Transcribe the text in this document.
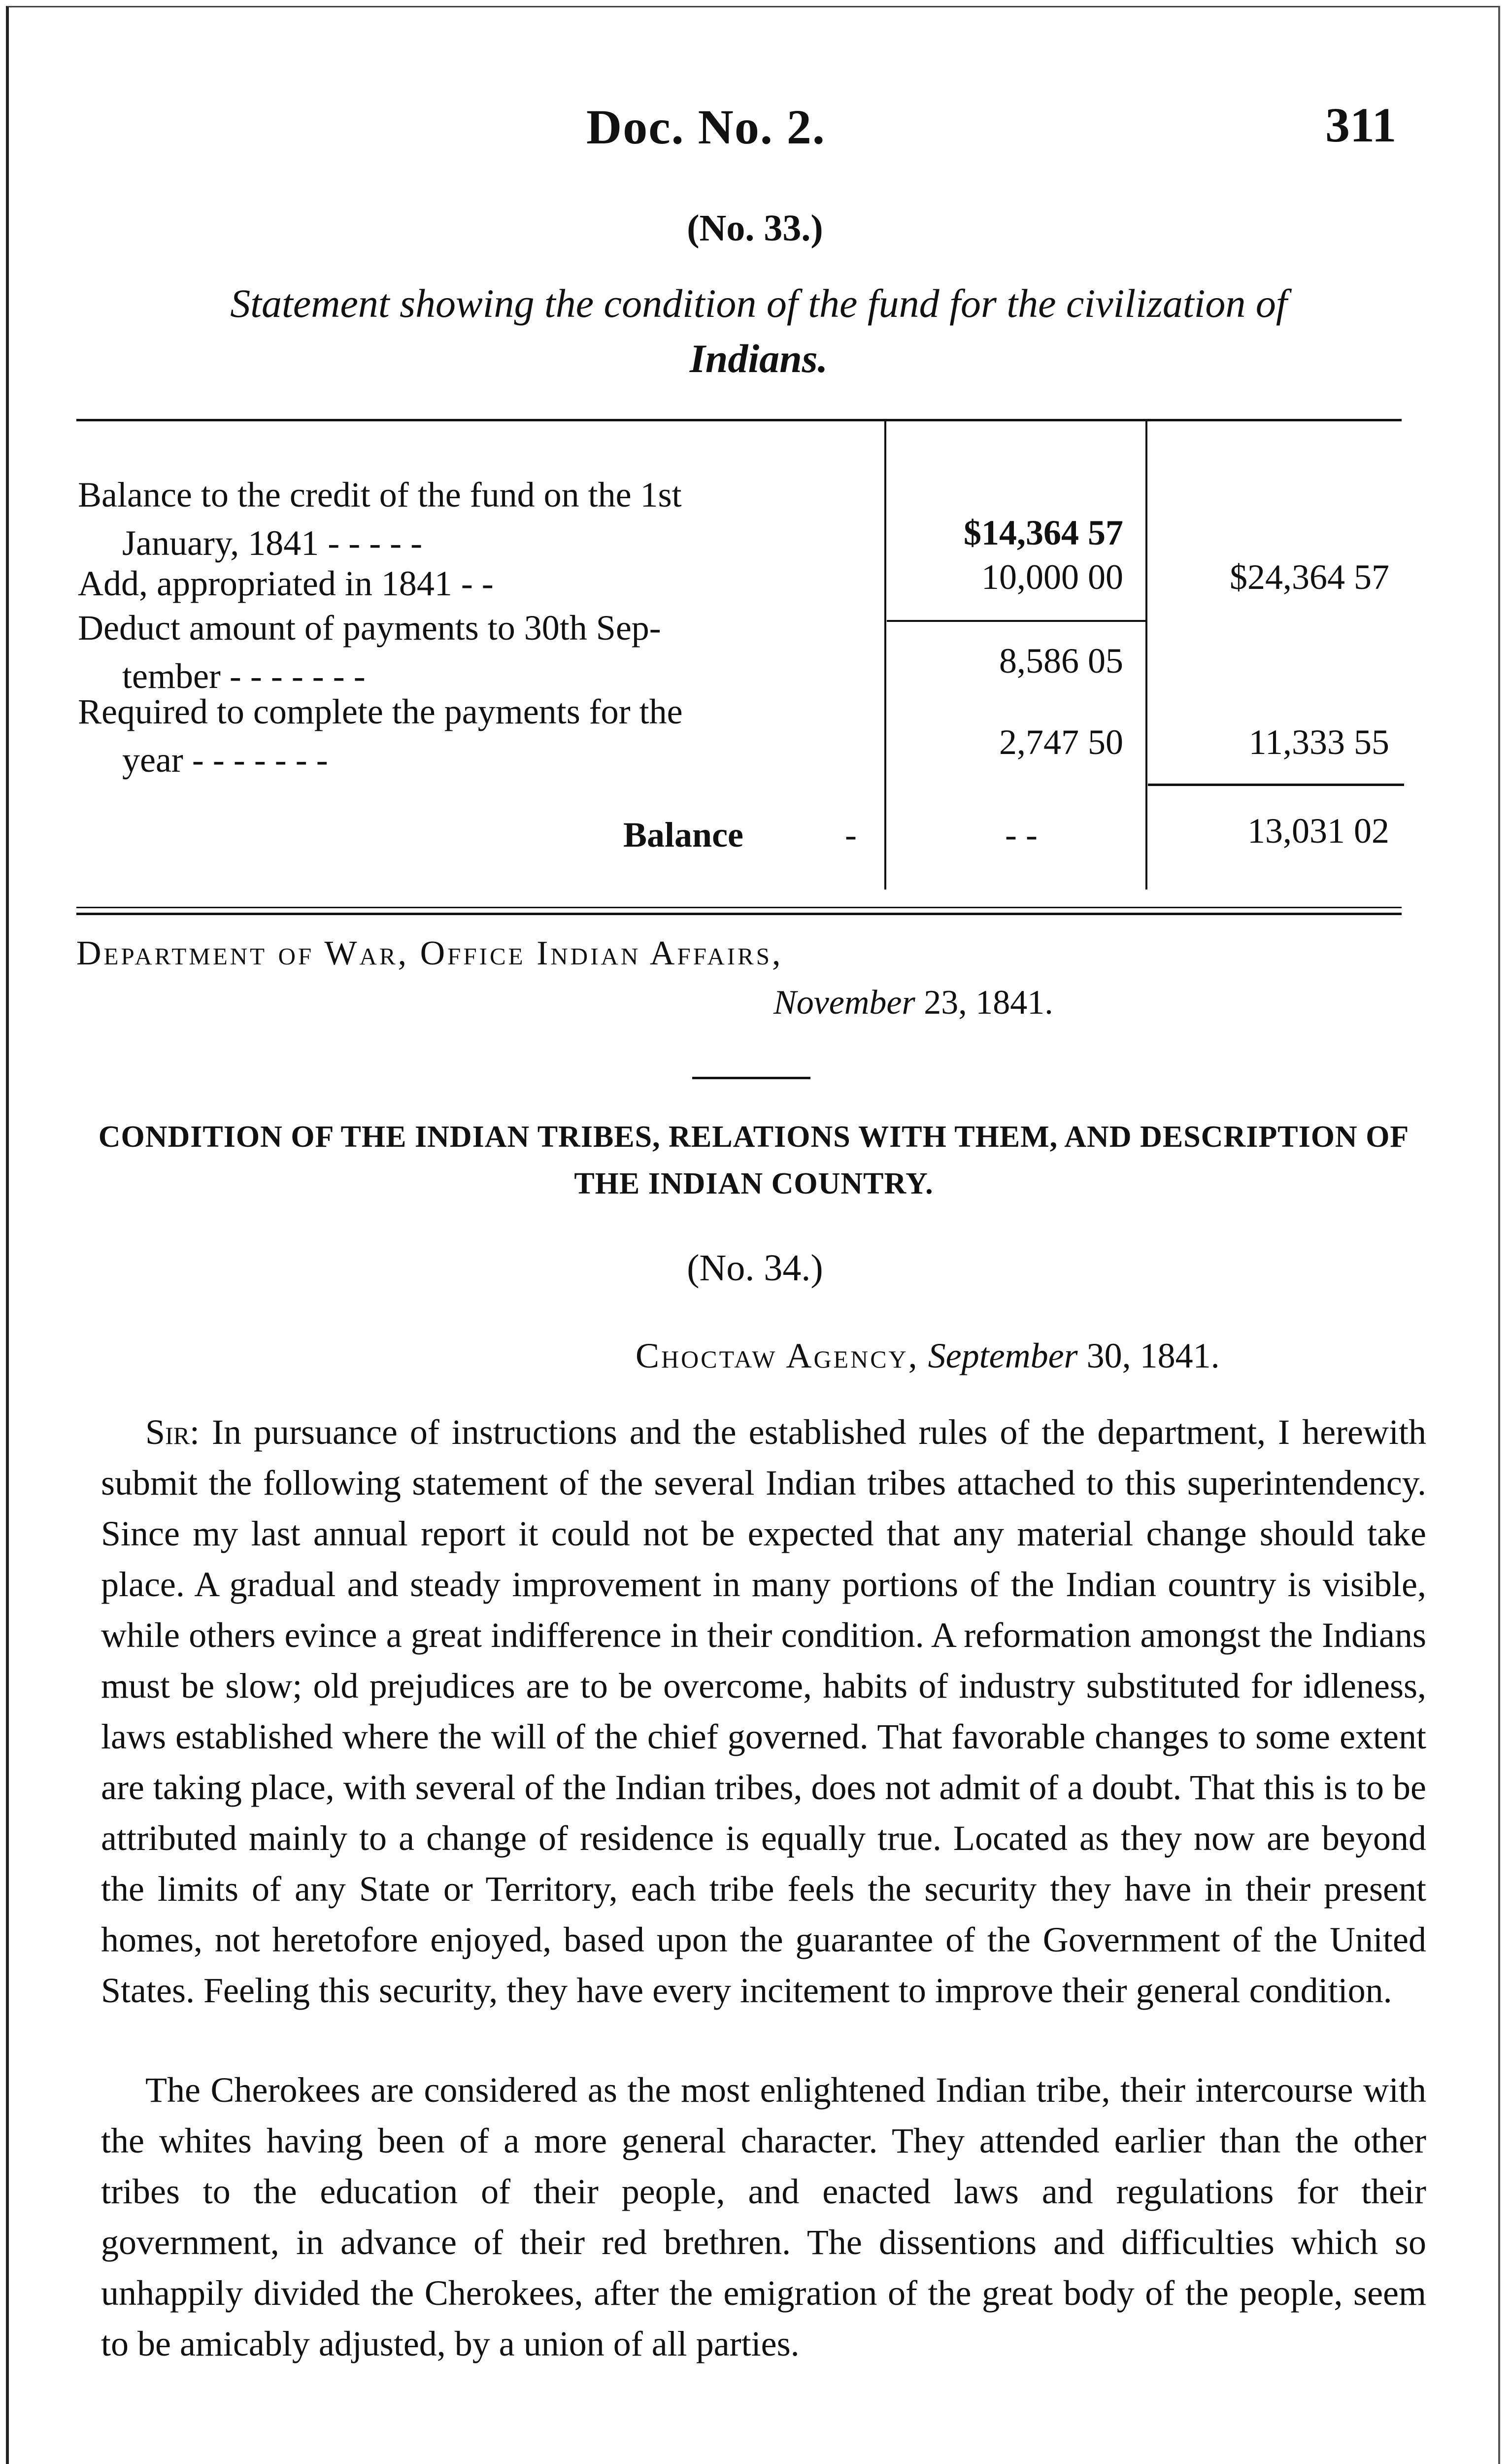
Doc. No. 2.	311
(No. 33.)
Statement showing the condition of the fund for the civilization of
Indians.
Balance to the credit of the fund on the 1st
January, 1841 - - - - -	$14,364 57
Add, appropriated in 1841 - -	10,000 00	$24,364 57
Deduct amount of payments to 30th Sep-
tember - - - - - - -	8,586 05
Required to complete the payments for the
year - - - - - - -	2,747 50	11,333 55
Balance	-	- -	13,031 02
Department of War, Office Indian Affairs,
November 23, 1841.
CONDITION OF THE INDIAN TRIBES, RELATIONS WITH THEM, AND DESCRIPTION OF THE INDIAN COUNTRY.
(No. 34.)
Choctaw Agency, September 30, 1841.
Sir: In pursuance of instructions and the established rules of the department, I herewith submit the following statement of the several Indian tribes attached to this superintendency. Since my last annual report it could not be expected that any material change should take place. A gradual and steady improvement in many portions of the Indian country is visible, while others evince a great indifference in their condition. A reformation amongst the Indians must be slow; old prejudices are to be overcome, habits of industry substituted for idleness, laws established where the will of the chief governed. That favorable changes to some extent are taking place, with several of the Indian tribes, does not admit of a doubt. That this is to be attributed mainly to a change of residence is equally true. Located as they now are beyond the limits of any State or Territory, each tribe feels the security they have in their present homes, not heretofore enjoyed, based upon the guarantee of the Government of the United States. Feeling this security, they have every incitement to improve their general condition.
The Cherokees are considered as the most enlightened Indian tribe, their intercourse with the whites having been of a more general character. They attended earlier than the other tribes to the education of their people, and enacted laws and regulations for their government, in advance of their red brethren. The dissentions and difficulties which so unhappily divided the Cherokees, after the emigration of the great body of the people, seem to be amicably adjusted, by a union of all parties.
